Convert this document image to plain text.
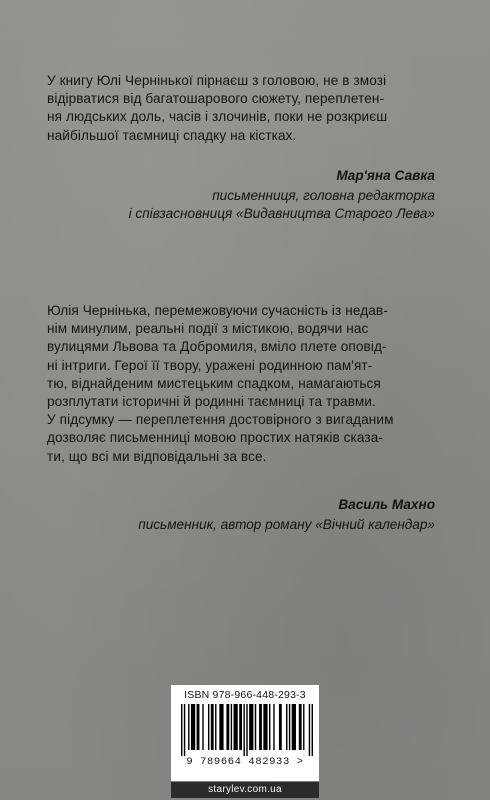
У книгу Юлі Чернінької пірнаєш з головою, не в змозі

відірватися від багатошарового сюжету, переплетен-

ня людських доль, часів і злочинів, поки не розкриєш

найбільшої таємниці спадку на кістках.

Мар'яна Савка
письменниця, головна редакторка
і співзасновниця «Видавництва Старого Лева»

Юлія Чернінька, перемежовуючи сучасність із недав-

нім минулим, реальні події з містикою, водячи нас

вулицями Львова та Добромиля, вміло плете оповід-

ні інтриги. Герої її твору, уражені родинною пам'ят-

тю, віднайденим мистецьким спадком, намагаються

розплутати історичні й родинні таємниці та травми.

У підсумку — переплетення достовірного з вигаданим

дозволяє письменниці мовою простих натяків сказа-

ти, що всі ми відповідальні за все.

Василь Махно
письменник, автор роману «Вічний календар»
ISBN 978-966-448-293-3
9 789664 482933 >
starylev.com.ua
